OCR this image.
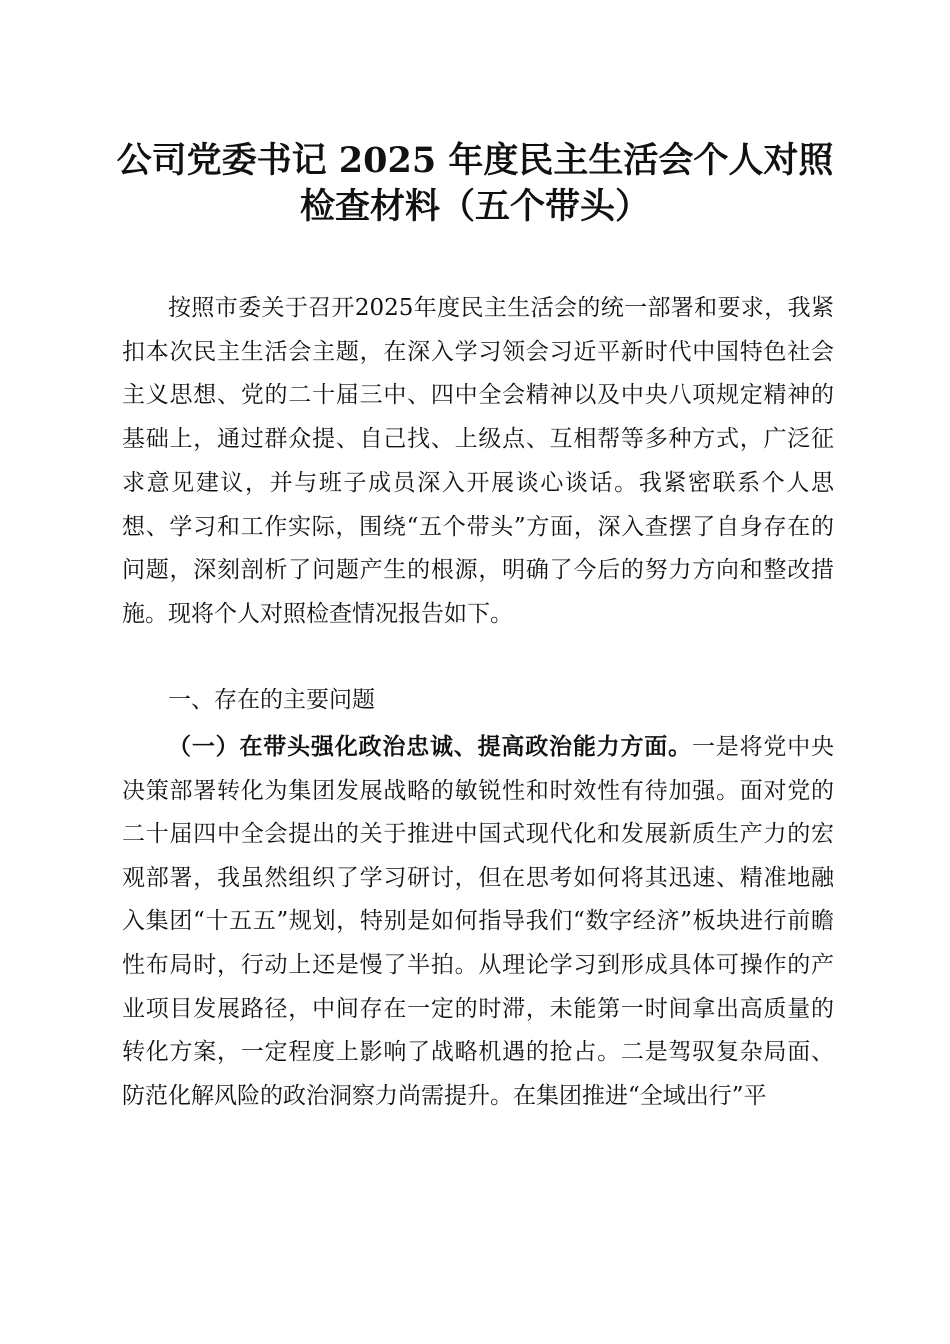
公司党委书记 2025 年度民主生活会个人对照
检查材料（五个带头）

按照市委关于召开2025年度民主生活会的统一部署和要求，我紧扣本次民主生活会主题，在深入学习领会习近平新时代中国特色社会主义思想、党的二十届三中、四中全会精神以及中央八项规定精神的基础上，通过群众提、自己找、上级点、互相帮等多种方式，广泛征求意见建议，并与班子成员深入开展谈心谈话。我紧密联系个人思想、学习和工作实际，围绕“五个带头”方面，深入查摆了自身存在的问题，深刻剖析了问题产生的根源，明确了今后的努力方向和整改措施。现将个人对照检查情况报告如下。

一、存在的主要问题

（一）在带头强化政治忠诚、提高政治能力方面。一是将党中央决策部署转化为集团发展战略的敏锐性和时效性有待加强。面对党的二十届四中全会提出的关于推进中国式现代化和发展新质生产力的宏观部署，我虽然组织了学习研讨，但在思考如何将其迅速、精准地融入集团“十五五”规划，特别是如何指导我们“数字经济”板块进行前瞻性布局时，行动上还是慢了半拍。从理论学习到形成具体可操作的产业项目发展路径，中间存在一定的时滞，未能第一时间拿出高质量的转化方案，一定程度上影响了战略机遇的抢占。二是驾驭复杂局面、防范化解风险的政治洞察力尚需提升。在集团推进“全域出行”平
